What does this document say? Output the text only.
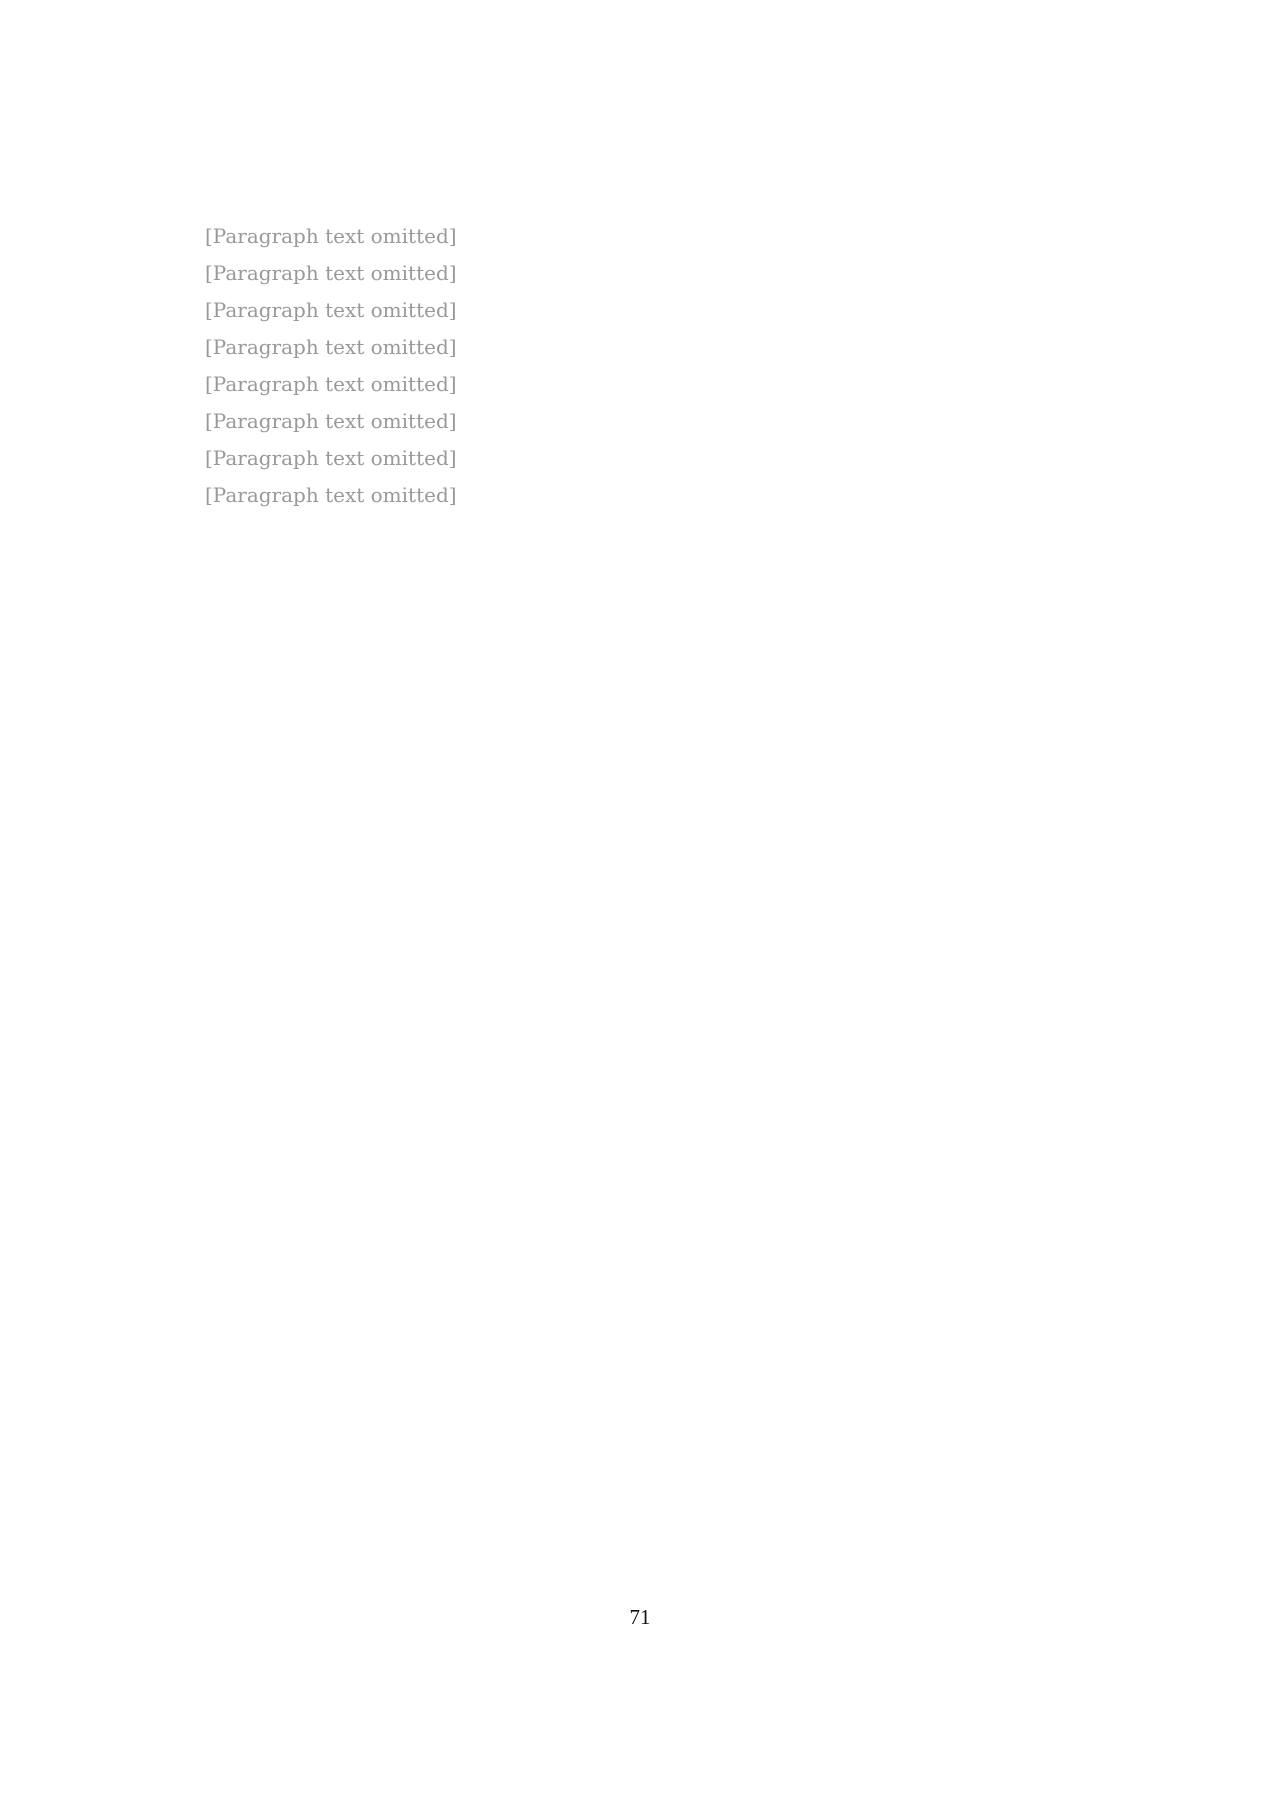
[Paragraph text omitted]

[Paragraph text omitted]

[Paragraph text omitted]

[Paragraph text omitted]

[Paragraph text omitted]

[Paragraph text omitted]

[Paragraph text omitted]

[Paragraph text omitted]

71
